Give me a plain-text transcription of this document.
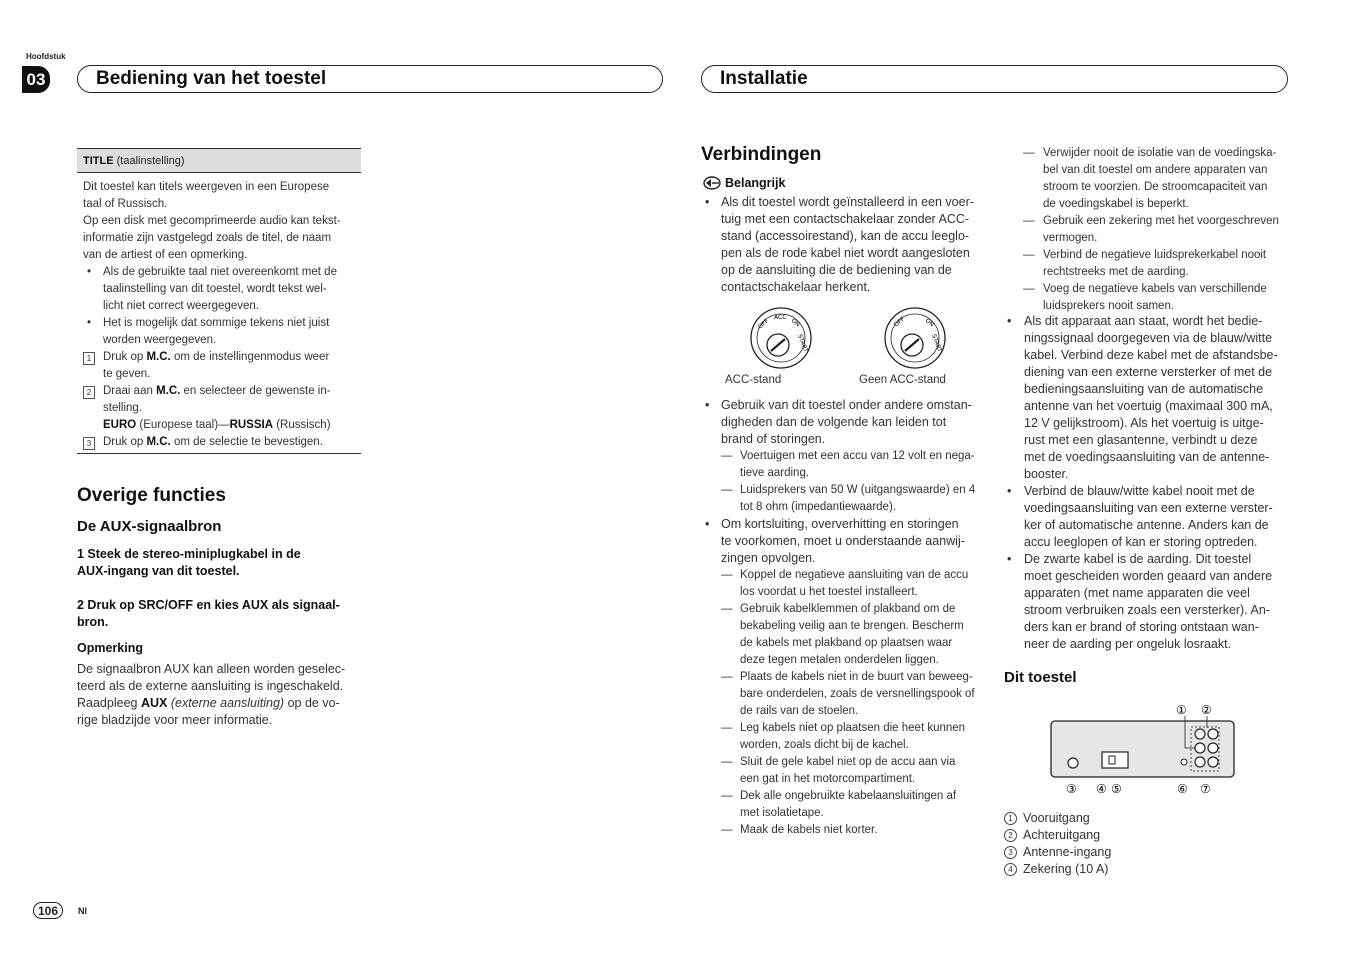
Hoofdstuk
03	Bediening van het toestel	Installatie
TITLE (taalinstelling)
Dit toestel kan titels weergeven in een Europese
taal of Russisch.
Op een disk met gecomprimeerde audio kan tekst-
informatie zijn vastgelegd zoals de titel, de naam
van de artiest of een opmerking.
•	Als de gebruikte taal niet overeenkomt met de
taalinstelling van dit toestel, wordt tekst wel-
licht niet correct weergegeven.
•	Het is mogelijk dat sommige tekens niet juist
worden weergegeven.
1	Druk op M.C. om de instellingenmodus weer
te geven.
2	Draai aan M.C. en selecteer de gewenste in-
stelling.
EURO (Europese taal)—RUSSIA (Russisch)
3	Druk op M.C. om de selectie te bevestigen.
Overige functies
De AUX-signaalbron
1 Steek de stereo-miniplugkabel in de
AUX-ingang van dit toestel.
2 Druk op SRC/OFF en kies AUX als signaal-
bron.
Opmerking
De signaalbron AUX kan alleen worden geselec-
teerd als de externe aansluiting is ingeschakeld.
Raadpleeg AUX (externe aansluiting) op de vo-
rige bladzijde voor meer informatie.
Verbindingen
Belangrijk
• Als dit toestel wordt geïnstalleerd in een voer-
tuig met een contactschakelaar zonder ACC-
stand (accessoirestand), kan de accu leeglo-
pen als de rode kabel niet wordt aangesloten
op de aansluiting die de bediening van de
contactschakelaar herkent.
OFF
ACC ON
START
OFF	ON
START
ACC-stand	Geen ACC-stand
• Gebruik van dit toestel onder andere omstan-
digheden dan de volgende kan leiden tot
brand of storingen.
— Voertuigen met een accu van 12 volt en nega-
tieve aarding.
— Luidsprekers van 50 W (uitgangswaarde) en 4
tot 8 ohm (impedantiewaarde).
• Om kortsluiting, oververhitting en storingen
te voorkomen, moet u onderstaande aanwij-
zingen opvolgen.
— Koppel de negatieve aansluiting van de accu
los voordat u het toestel installeert.
— Gebruik kabelklemmen of plakband om de
bekabeling veilig aan te brengen. Bescherm
de kabels met plakband op plaatsen waar
deze tegen metalen onderdelen liggen.
— Plaats de kabels niet in de buurt van beweeg-
bare onderdelen, zoals de versnellingspook of
de rails van de stoelen.
— Leg kabels niet op plaatsen die heet kunnen
worden, zoals dicht bij de kachel.
— Sluit de gele kabel niet op de accu aan via
een gat in het motorcompartiment.
— Dek alle ongebruikte kabelaansluitingen af
met isolatietape.
— Maak de kabels niet korter.
— Verwijder nooit de isolatie van de voedingska-
bel van dit toestel om andere apparaten van
stroom te voorzien. De stroomcapaciteit van
de voedingskabel is beperkt.
— Gebruik een zekering met het voorgeschreven
vermogen.
— Verbind de negatieve luidsprekerkabel nooit
rechtstreeks met de aarding.
— Voeg de negatieve kabels van verschillende
luidsprekers nooit samen.
• Als dit apparaat aan staat, wordt het bedie-
ningssignaal doorgegeven via de blauw/witte
kabel. Verbind deze kabel met de afstandsbe-
diening van een externe versterker of met de
bedieningsaansluiting van de automatische
antenne van het voertuig (maximaal 300 mA,
12 V gelijkstroom). Als het voertuig is uitge-
rust met een glasantenne, verbindt u deze
met de voedingsaansluiting van de antenne-
booster.
• Verbind de blauw/witte kabel nooit met de
voedingsaansluiting van een externe verster-
ker of automatische antenne. Anders kan de
accu leeglopen of kan er storing optreden.
• De zwarte kabel is de aarding. Dit toestel
moet gescheiden worden geaard van andere
apparaten (met name apparaten die veel
stroom verbruiken zoals een versterker). An-
ders kan er brand of storing ontstaan wan-
neer de aarding per ongeluk losraakt.
Dit toestel
① ②
③ ④ ⑤	⑥ ⑦
1 Vooruitgang
2 Achteruitgang
3 Antenne-ingang
4 Zekering (10 A)
106	Nl
